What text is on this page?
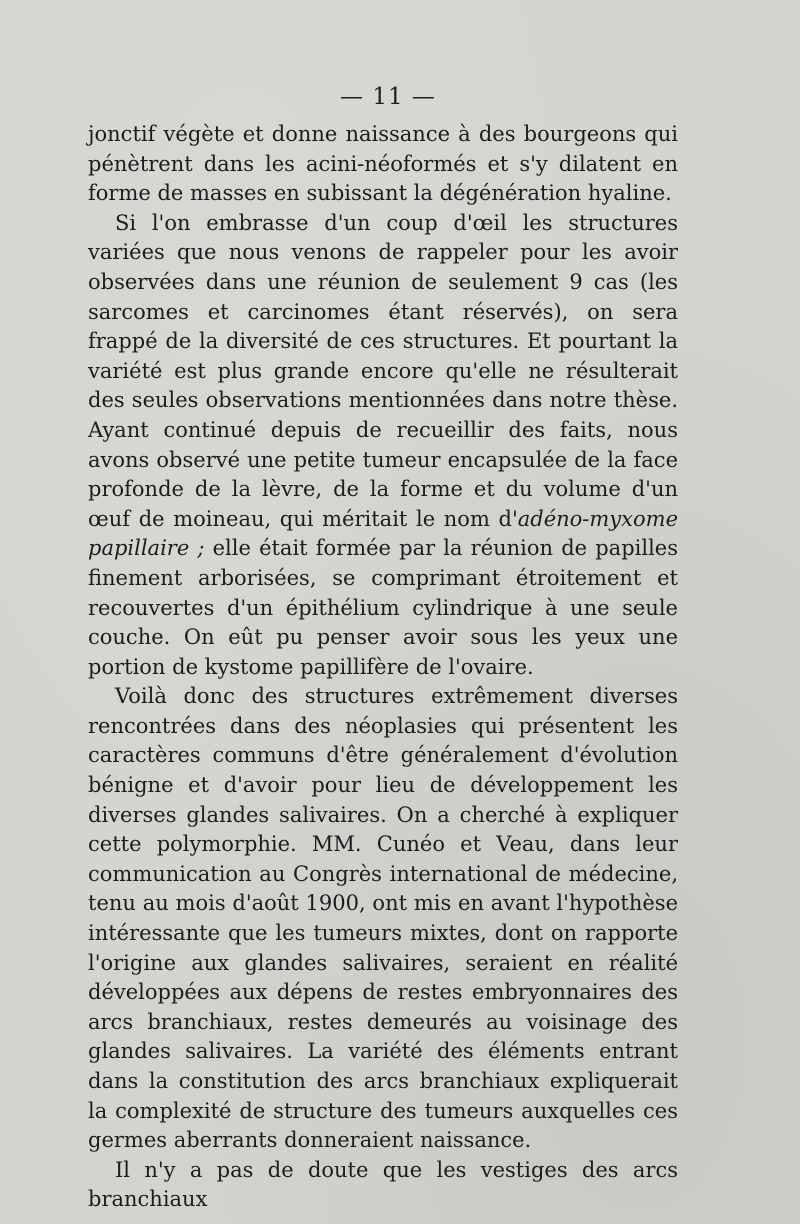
— 11 —

jonctif végète et donne naissance à des bourgeons qui pénètrent dans les acini-néoformés et s'y dilatent en forme de masses en subissant la dégénération hyaline.

Si l'on embrasse d'un coup d'œil les structures variées que nous venons de rappeler pour les avoir observées dans une réunion de seulement 9 cas (les sarcomes et carcinomes étant réservés), on sera frappé de la diversité de ces structures. Et pourtant la variété est plus grande encore qu'elle ne résulterait des seules observations mentionnées dans notre thèse. Ayant continué depuis de recueillir des faits, nous avons observé une petite tumeur encapsulée de la face profonde de la lèvre, de la forme et du volume d'un œuf de moineau, qui méritait le nom d'adéno-myxome papillaire ; elle était formée par la réunion de papilles finement arborisées, se comprimant étroitement et recouvertes d'un épithélium cylindrique à une seule couche. On eût pu penser avoir sous les yeux une portion de kystome papillifère de l'ovaire.

Voilà donc des structures extrêmement diverses rencontrées dans des néoplasies qui présentent les caractères communs d'être généralement d'évolution bénigne et d'avoir pour lieu de développement les diverses glandes salivaires. On a cherché à expliquer cette polymorphie. MM. Cunéo et Veau, dans leur communication au Congrès international de médecine, tenu au mois d'août 1900, ont mis en avant l'hypothèse intéressante que les tumeurs mixtes, dont on rapporte l'origine aux glandes salivaires, seraient en réalité développées aux dépens de restes embryonnaires des arcs branchiaux, restes demeurés au voisinage des glandes salivaires. La variété des éléments entrant dans la constitution des arcs branchiaux expliquerait la complexité de structure des tumeurs auxquelles ces germes aberrants donneraient naissance.

Il n'y a pas de doute que les vestiges des arcs branchiaux
